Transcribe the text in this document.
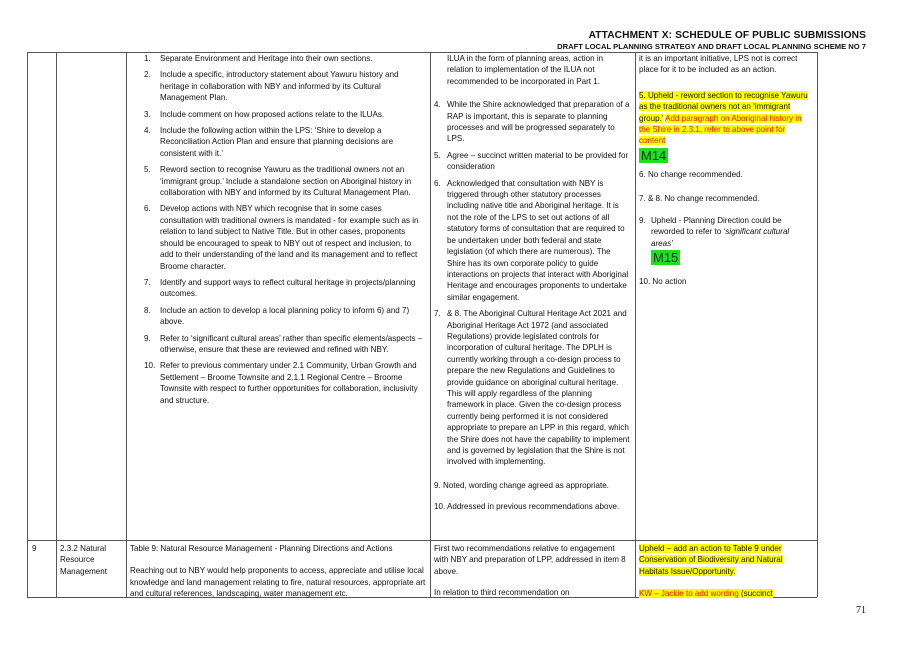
ATTACHMENT X: SCHEDULE OF PUBLIC SUBMISSIONS
DRAFT LOCAL PLANNING STRATEGY AND DRAFT LOCAL PLANNING SCHEME NO 7
1. Separate Environment and Heritage into their own sections.
2. Include a specific, introductory statement about Yawuru history and heritage in collaboration with NBY and informed by its Cultural Management Plan.
3. Include comment on how proposed actions relate to the ILUAs.
4. Include the following action within the LPS: ‘Shire to develop a Reconciliation Action Plan and ensure that planning decisions are consistent with it.’
5. Reword section to recognise Yawuru as the traditional owners not an ‘immigrant group.’ Include a standalone section on Aboriginal history in collaboration with NBY and informed by its Cultural Management Plan.
6. Develop actions with NBY which recognise that in some cases consultation with traditional owners is mandated - for example such as in relation to land subject to Native Title. But in other cases, proponents should be encouraged to speak to NBY out of respect and inclusion, to add to their understanding of the land and its management and to reflect Broome character.
7. Identify and support ways to reflect cultural heritage in projects/planning outcomes.
8. Include an action to develop a local planning policy to inform 6) and 7) above.
9. Refer to ‘significant cultural areas’ rather than specific elements/aspects – otherwise, ensure that these are reviewed and refined with NBY.
10. Refer to previous commentary under 2.1 Community, Urban Growth and Settlement – Broome Townsite and 2.1.1 Regional Centre – Broome Townsite with respect to further opportunities for collaboration, inclusivity and structure.

ILUA in the form of planning areas, action in relation to implementation of the ILUA not recommended to be incorporated in Part 1.

4. While the Shire acknowledged that preparation of a RAP is important, this is separate to planning processes and will be progressed separately to LPS.
5. Agree – succinct written material to be provided for consideration
6. Acknowledged that consultation with NBY is triggered through other statutory processes including native title and Aboriginal heritage. It is not the role of the LPS to set out actions of all statutory forms of consultation that are required to be undertaken under both federal and state legislation (of which there are numerous). The Shire has its own corporate policy to guide interactions on projects that interact with Aboriginal Heritage and encourages proponents to undertake similar engagement.
7. & 8. The Aboriginal Cultural Heritage Act 2021 and Aboriginal Heritage Act 1972 (and associated Regulations) provide legislated controls for incorporation of cultural heritage. The DPLH is currently working through a co-design process to prepare the new Regulations and Guidelines to provide guidance on aboriginal cultural heritage. This will apply regardless of the planning framework in place. Given the co-design process currently being performed it is not considered appropriate to prepare an LPP in this regard, which the Shire does not have the capability to implement and is governed by legislation that the Shire is not involved with implementing.

9. Noted, wording change agreed as appropriate.

10. Addressed in previous recommendations above.

it is an important initiative, LPS not is correct place for it to be included as an action.

5. Upheld - reword section to recognise Yawuru as the traditional owners not an ‘immigrant group.’ Add paragraph on Aboriginal history in the Shire in 2.3.1, refer to above point for content

M14

6. No change recommended.

7. & 8. No change recommended.

9. Upheld - Planning Direction could be reworded to refer to ‘significant cultural areas’

M15

10. No action

9	2.3.2 Natural Resource Management

Table 9: Natural Resource Management - Planning Directions and Actions

Reaching out to NBY would help proponents to access, appreciate and utilise local knowledge and land management relating to fire, natural resources, appropriate art and cultural references, landscaping, water management etc.

First two recommendations relative to engagement with NBY and preparation of LPP, addressed in item 8 above.

In relation to third recommendation on

Upheld – add an action to Table 9 under Conservation of Biodiversity and Natural Habitats Issue/Opportunity.

KW – Jackie to add wording (succinct

71
